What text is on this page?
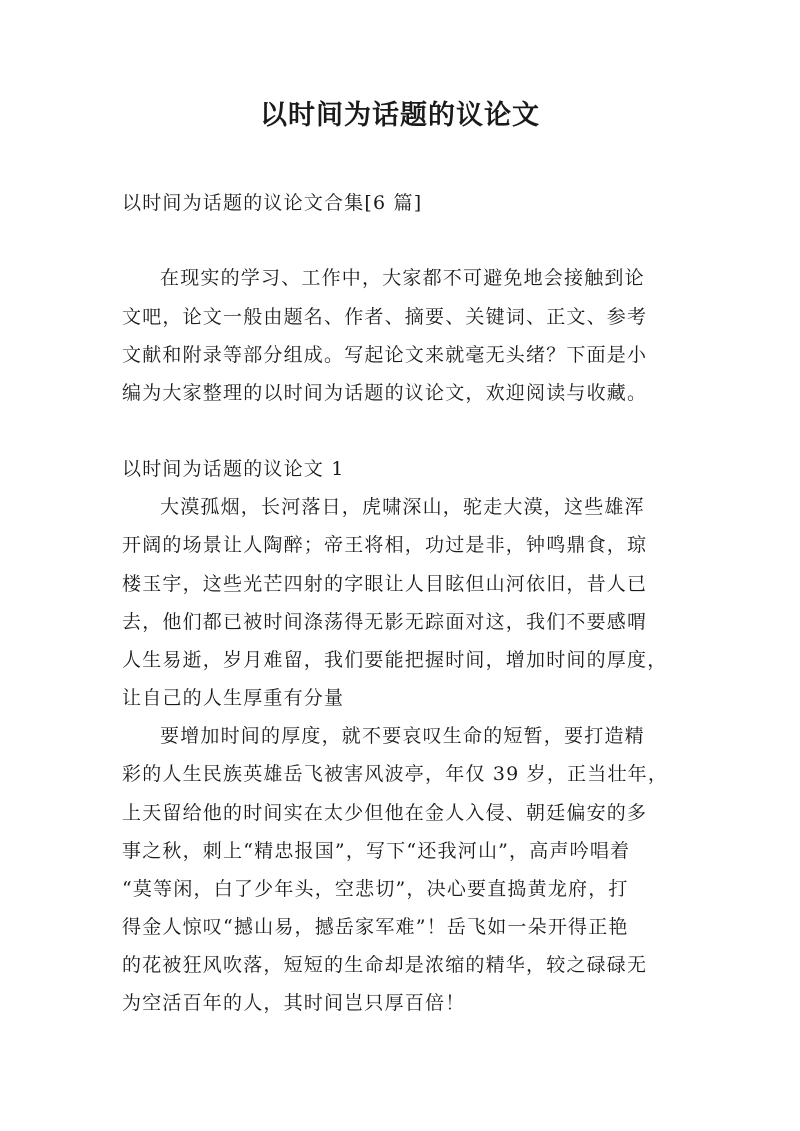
以时间为话题的议论文
以时间为话题的议论文合集[6 篇]
在现实的学习、工作中，大家都不可避免地会接触到论
文吧，论文一般由题名、作者、摘要、关键词、正文、参考
文献和附录等部分组成。写起论文来就毫无头绪？下面是小
编为大家整理的以时间为话题的议论文，欢迎阅读与收藏。
以时间为话题的议论文 1
大漠孤烟，长河落日，虎啸深山，驼走大漠，这些雄浑
开阔的场景让人陶醉；帝王将相，功过是非，钟鸣鼎食，琼
楼玉宇，这些光芒四射的字眼让人目眩但山河依旧，昔人已
去，他们都已被时间涤荡得无影无踪面对这，我们不要感喟
人生易逝，岁月难留，我们要能把握时间，增加时间的厚度，
让自己的人生厚重有分量
要增加时间的厚度，就不要哀叹生命的短暂，要打造精
彩的人生民族英雄岳飞被害风波亭，年仅 39 岁，正当壮年，
上天留给他的时间实在太少但他在金人入侵、朝廷偏安的多
事之秋，刺上“精忠报国”，写下“还我河山”，高声吟唱着
“莫等闲，白了少年头，空悲切”，决心要直捣黄龙府，打
得金人惊叹“撼山易，撼岳家军难”！岳飞如一朵开得正艳
的花被狂风吹落，短短的生命却是浓缩的精华，较之碌碌无
为空活百年的人，其时间岂只厚百倍！
